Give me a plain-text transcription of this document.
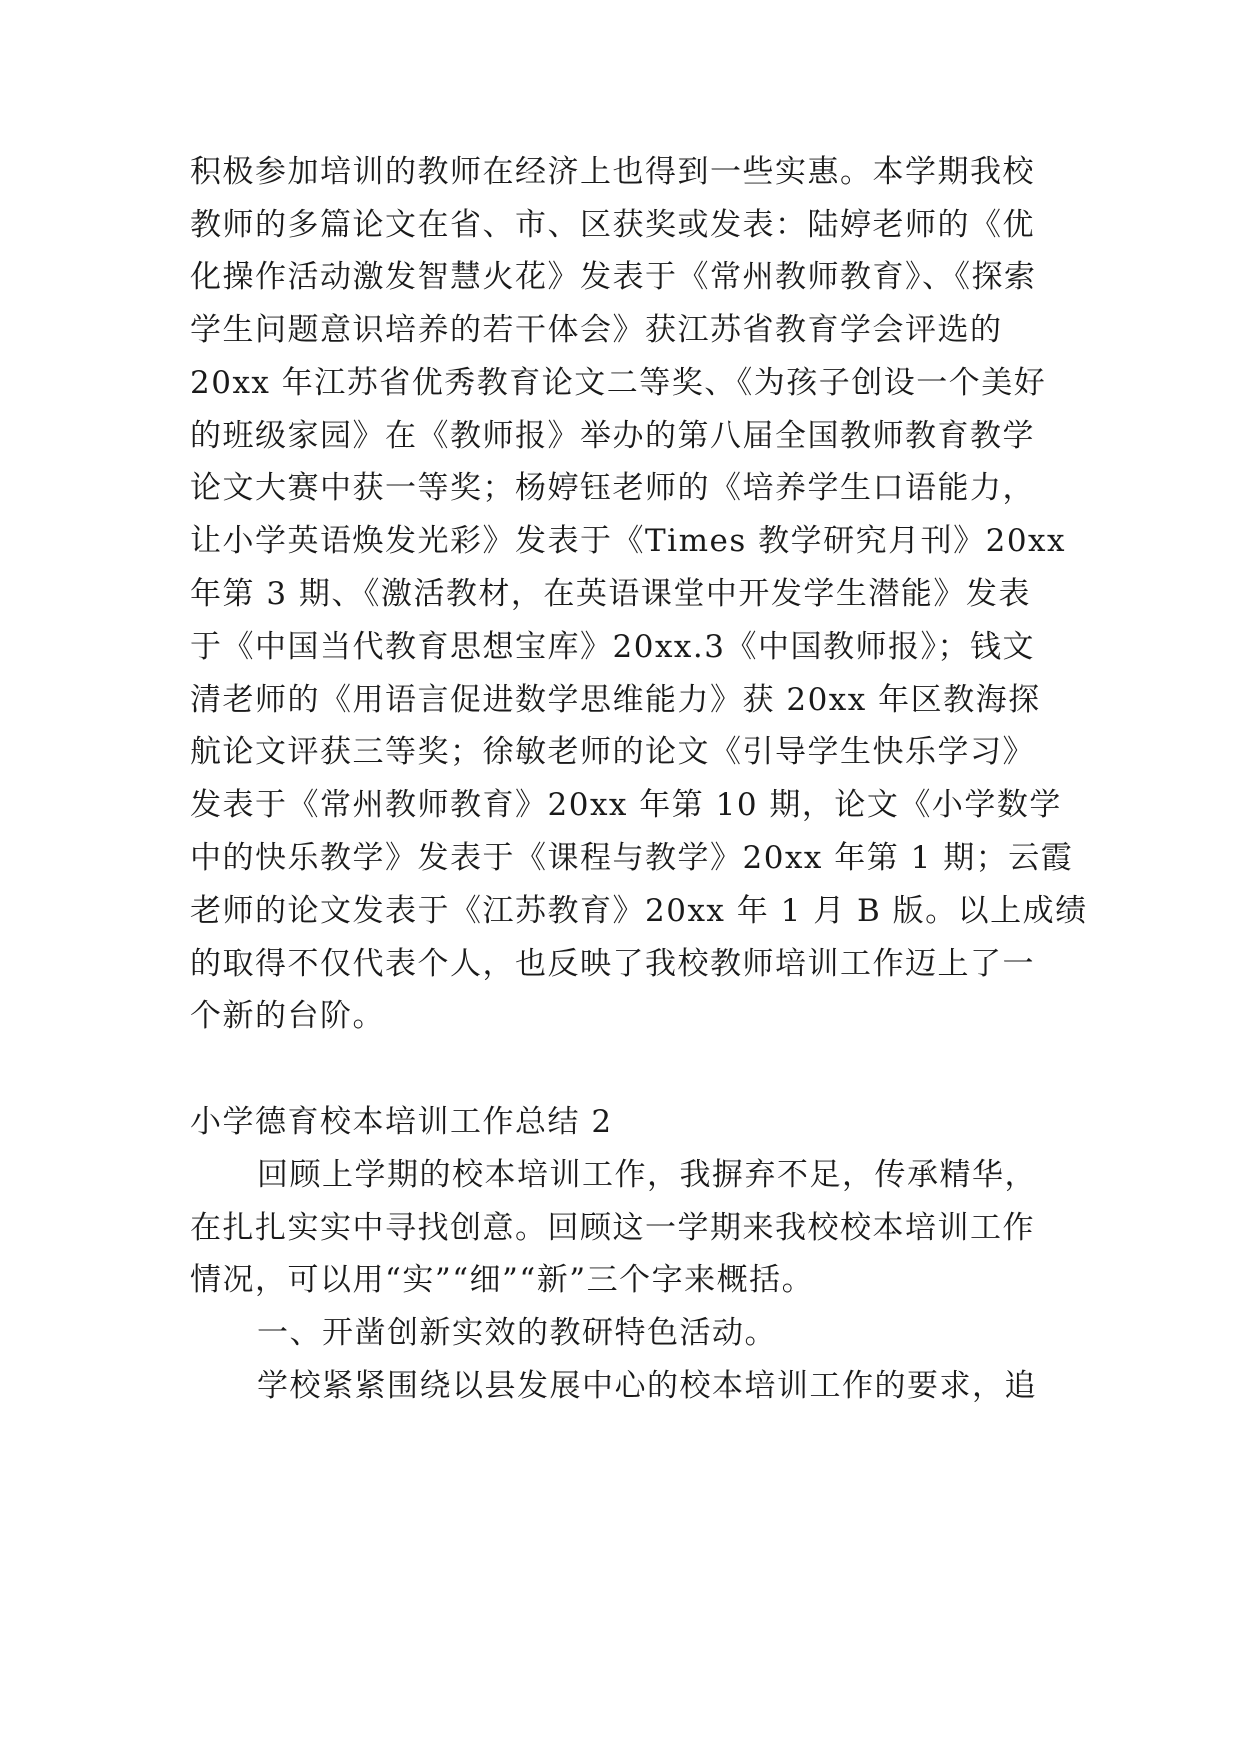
积极参加培训的教师在经济上也得到一些实惠。本学期我校
教师的多篇论文在省、市、区获奖或发表：陆婷老师的《优
化操作活动激发智慧火花》发表于《常州教师教育》、《探索
学生问题意识培养的若干体会》获江苏省教育学会评选的
20xx 年江苏省优秀教育论文二等奖、《为孩子创设一个美好
的班级家园》在《教师报》举办的第八届全国教师教育教学
论文大赛中获一等奖；杨婷钰老师的《培养学生口语能力，
让小学英语焕发光彩》发表于《Times 教学研究月刊》20xx
年第 3 期、《激活教材，在英语课堂中开发学生潜能》发表
于《中国当代教育思想宝库》20xx.3《中国教师报》；钱文
清老师的《用语言促进数学思维能力》获 20xx 年区教海探
航论文评获三等奖；徐敏老师的论文《引导学生快乐学习》
发表于《常州教师教育》20xx 年第 10 期，论文《小学数学
中的快乐教学》发表于《课程与教学》20xx 年第 1 期；云霞
老师的论文发表于《江苏教育》20xx 年 1 月 B 版。以上成绩
的取得不仅代表个人，也反映了我校教师培训工作迈上了一
个新的台阶。
小学德育校本培训工作总结 2
回顾上学期的校本培训工作，我摒弃不足，传承精华，
在扎扎实实中寻找创意。回顾这一学期来我校校本培训工作
情况，可以用“实”“细”“新”三个字来概括。
一、开凿创新实效的教研特色活动。
学校紧紧围绕以县发展中心的校本培训工作的要求，追
